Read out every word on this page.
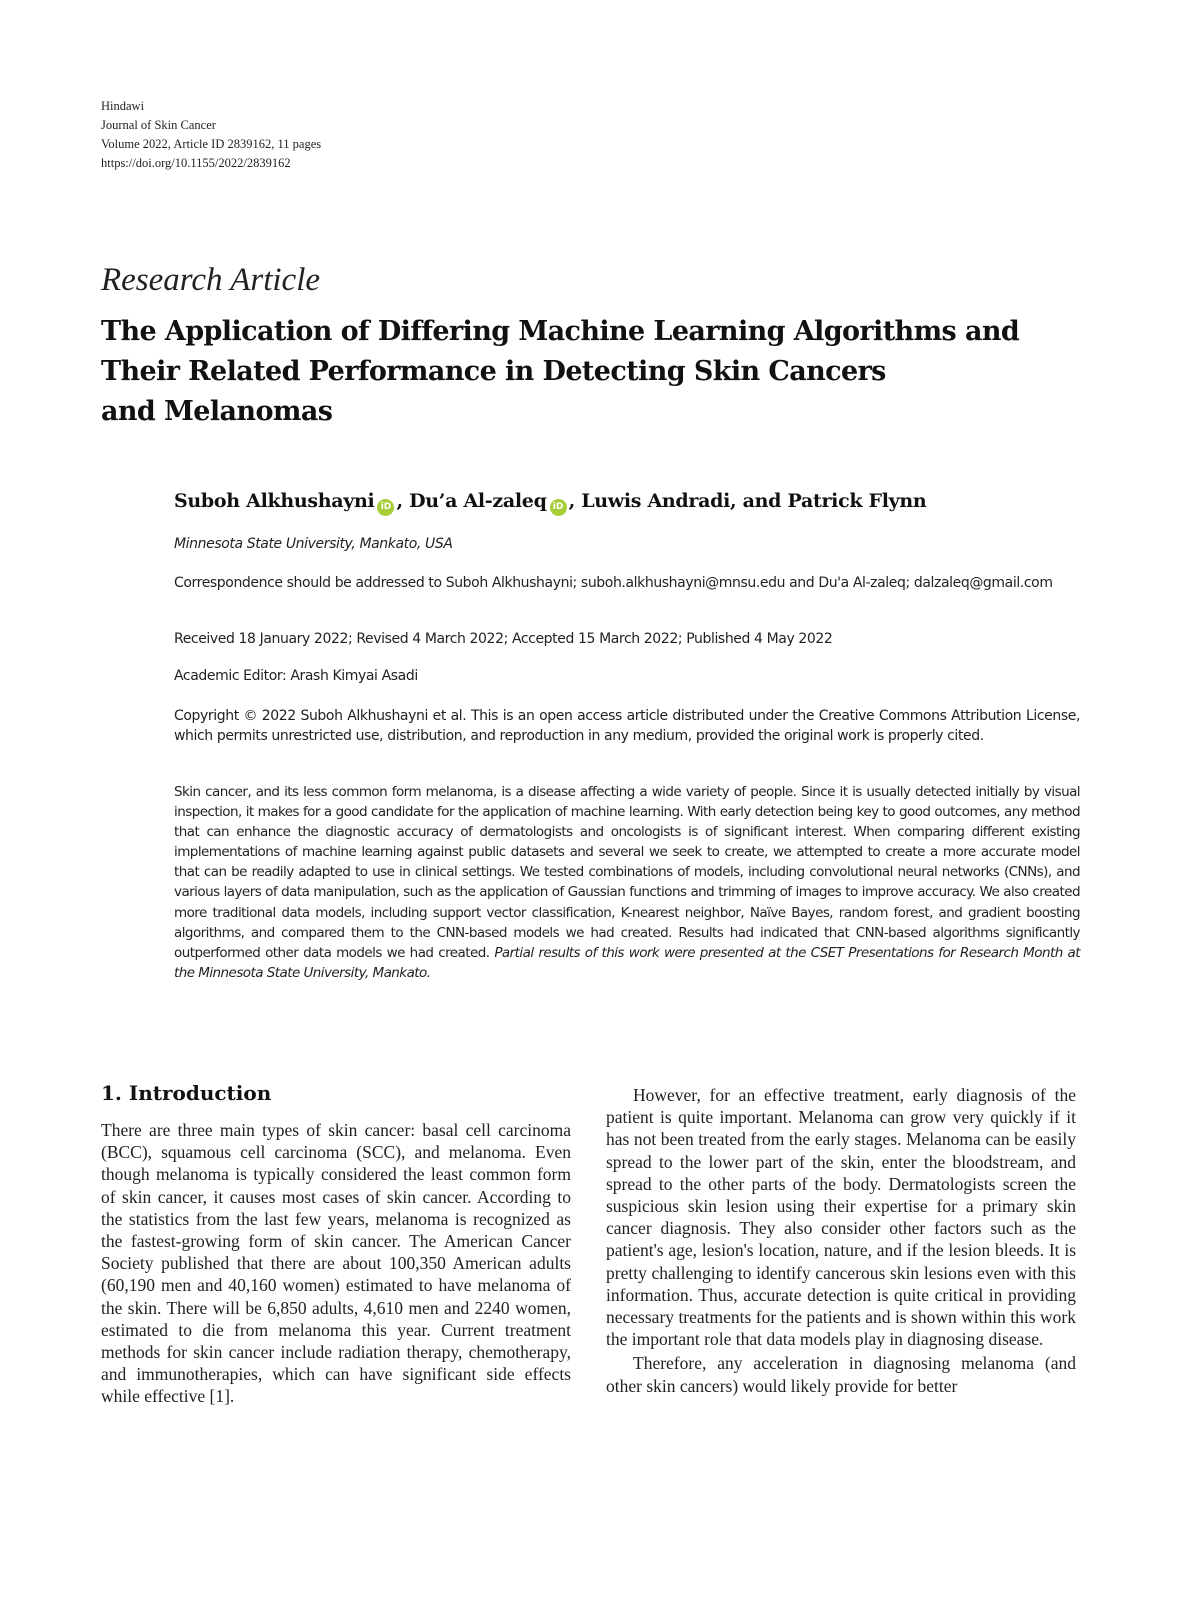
Hindawi
Journal of Skin Cancer
Volume 2022, Article ID 2839162, 11 pages
https://doi.org/10.1155/2022/2839162
Research Article
The Application of Differing Machine Learning Algorithms and
Their Related Performance in Detecting Skin Cancers
and Melanomas
Suboh Alkhushayni iD , Du’a Al-zaleq iD , Luwis Andradi, and Patrick Flynn
Minnesota State University, Mankato, USA
Correspondence should be addressed to Suboh Alkhushayni; suboh.alkhushayni@mnsu.edu and Du'a Al-zaleq; dalzaleq@gmail.com
Received 18 January 2022; Revised 4 March 2022; Accepted 15 March 2022; Published 4 May 2022
Academic Editor: Arash Kimyai Asadi
Copyright © 2022 Suboh Alkhushayni et al. This is an open access article distributed under the Creative Commons Attribution License, which permits unrestricted use, distribution, and reproduction in any medium, provided the original work is properly cited.
Skin cancer, and its less common form melanoma, is a disease affecting a wide variety of people. Since it is usually detected initially by visual inspection, it makes for a good candidate for the application of machine learning. With early detection being key to good outcomes, any method that can enhance the diagnostic accuracy of dermatologists and oncologists is of significant interest. When comparing different existing implementations of machine learning against public datasets and several we seek to create, we attempted to create a more accurate model that can be readily adapted to use in clinical settings. We tested combinations of models, including convolutional neural networks (CNNs), and various layers of data manipulation, such as the application of Gaussian functions and trimming of images to improve accuracy. We also created more traditional data models, including support vector classification, K-nearest neighbor, Naïve Bayes, random forest, and gradient boosting algorithms, and compared them to the CNN-based models we had created. Results had indicated that CNN-based algorithms significantly outperformed other data models we had created. Partial results of this work were presented at the CSET Presentations for Research Month at the Minnesota State University, Mankato.
1. Introduction

There are three main types of skin cancer: basal cell carcinoma (BCC), squamous cell carcinoma (SCC), and melanoma. Even though melanoma is typically considered the least common form of skin cancer, it causes most cases of skin cancer. According to the statistics from the last few years, melanoma is recognized as the fastest-growing form of skin cancer. The American Cancer Society published that there are about 100,350 American adults (60,190 men and 40,160 women) estimated to have melanoma of the skin. There will be 6,850 adults, 4,610 men and 2240 women, estimated to die from melanoma this year. Current treatment methods for skin cancer include radiation therapy, chemotherapy, and immunotherapies, which can have significant side effects while effective [1].

However, for an effective treatment, early diagnosis of the patient is quite important. Melanoma can grow very quickly if it has not been treated from the early stages. Melanoma can be easily spread to the lower part of the skin, enter the bloodstream, and spread to the other parts of the body. Dermatologists screen the suspicious skin lesion using their expertise for a primary skin cancer diagnosis. They also consider other factors such as the patient's age, lesion's location, nature, and if the lesion bleeds. It is pretty challenging to identify cancerous skin lesions even with this information. Thus, accurate detection is quite critical in providing necessary treatments for the patients and is shown within this work the important role that data models play in diagnosing disease.

Therefore, any acceleration in diagnosing melanoma (and other skin cancers) would likely provide for better
